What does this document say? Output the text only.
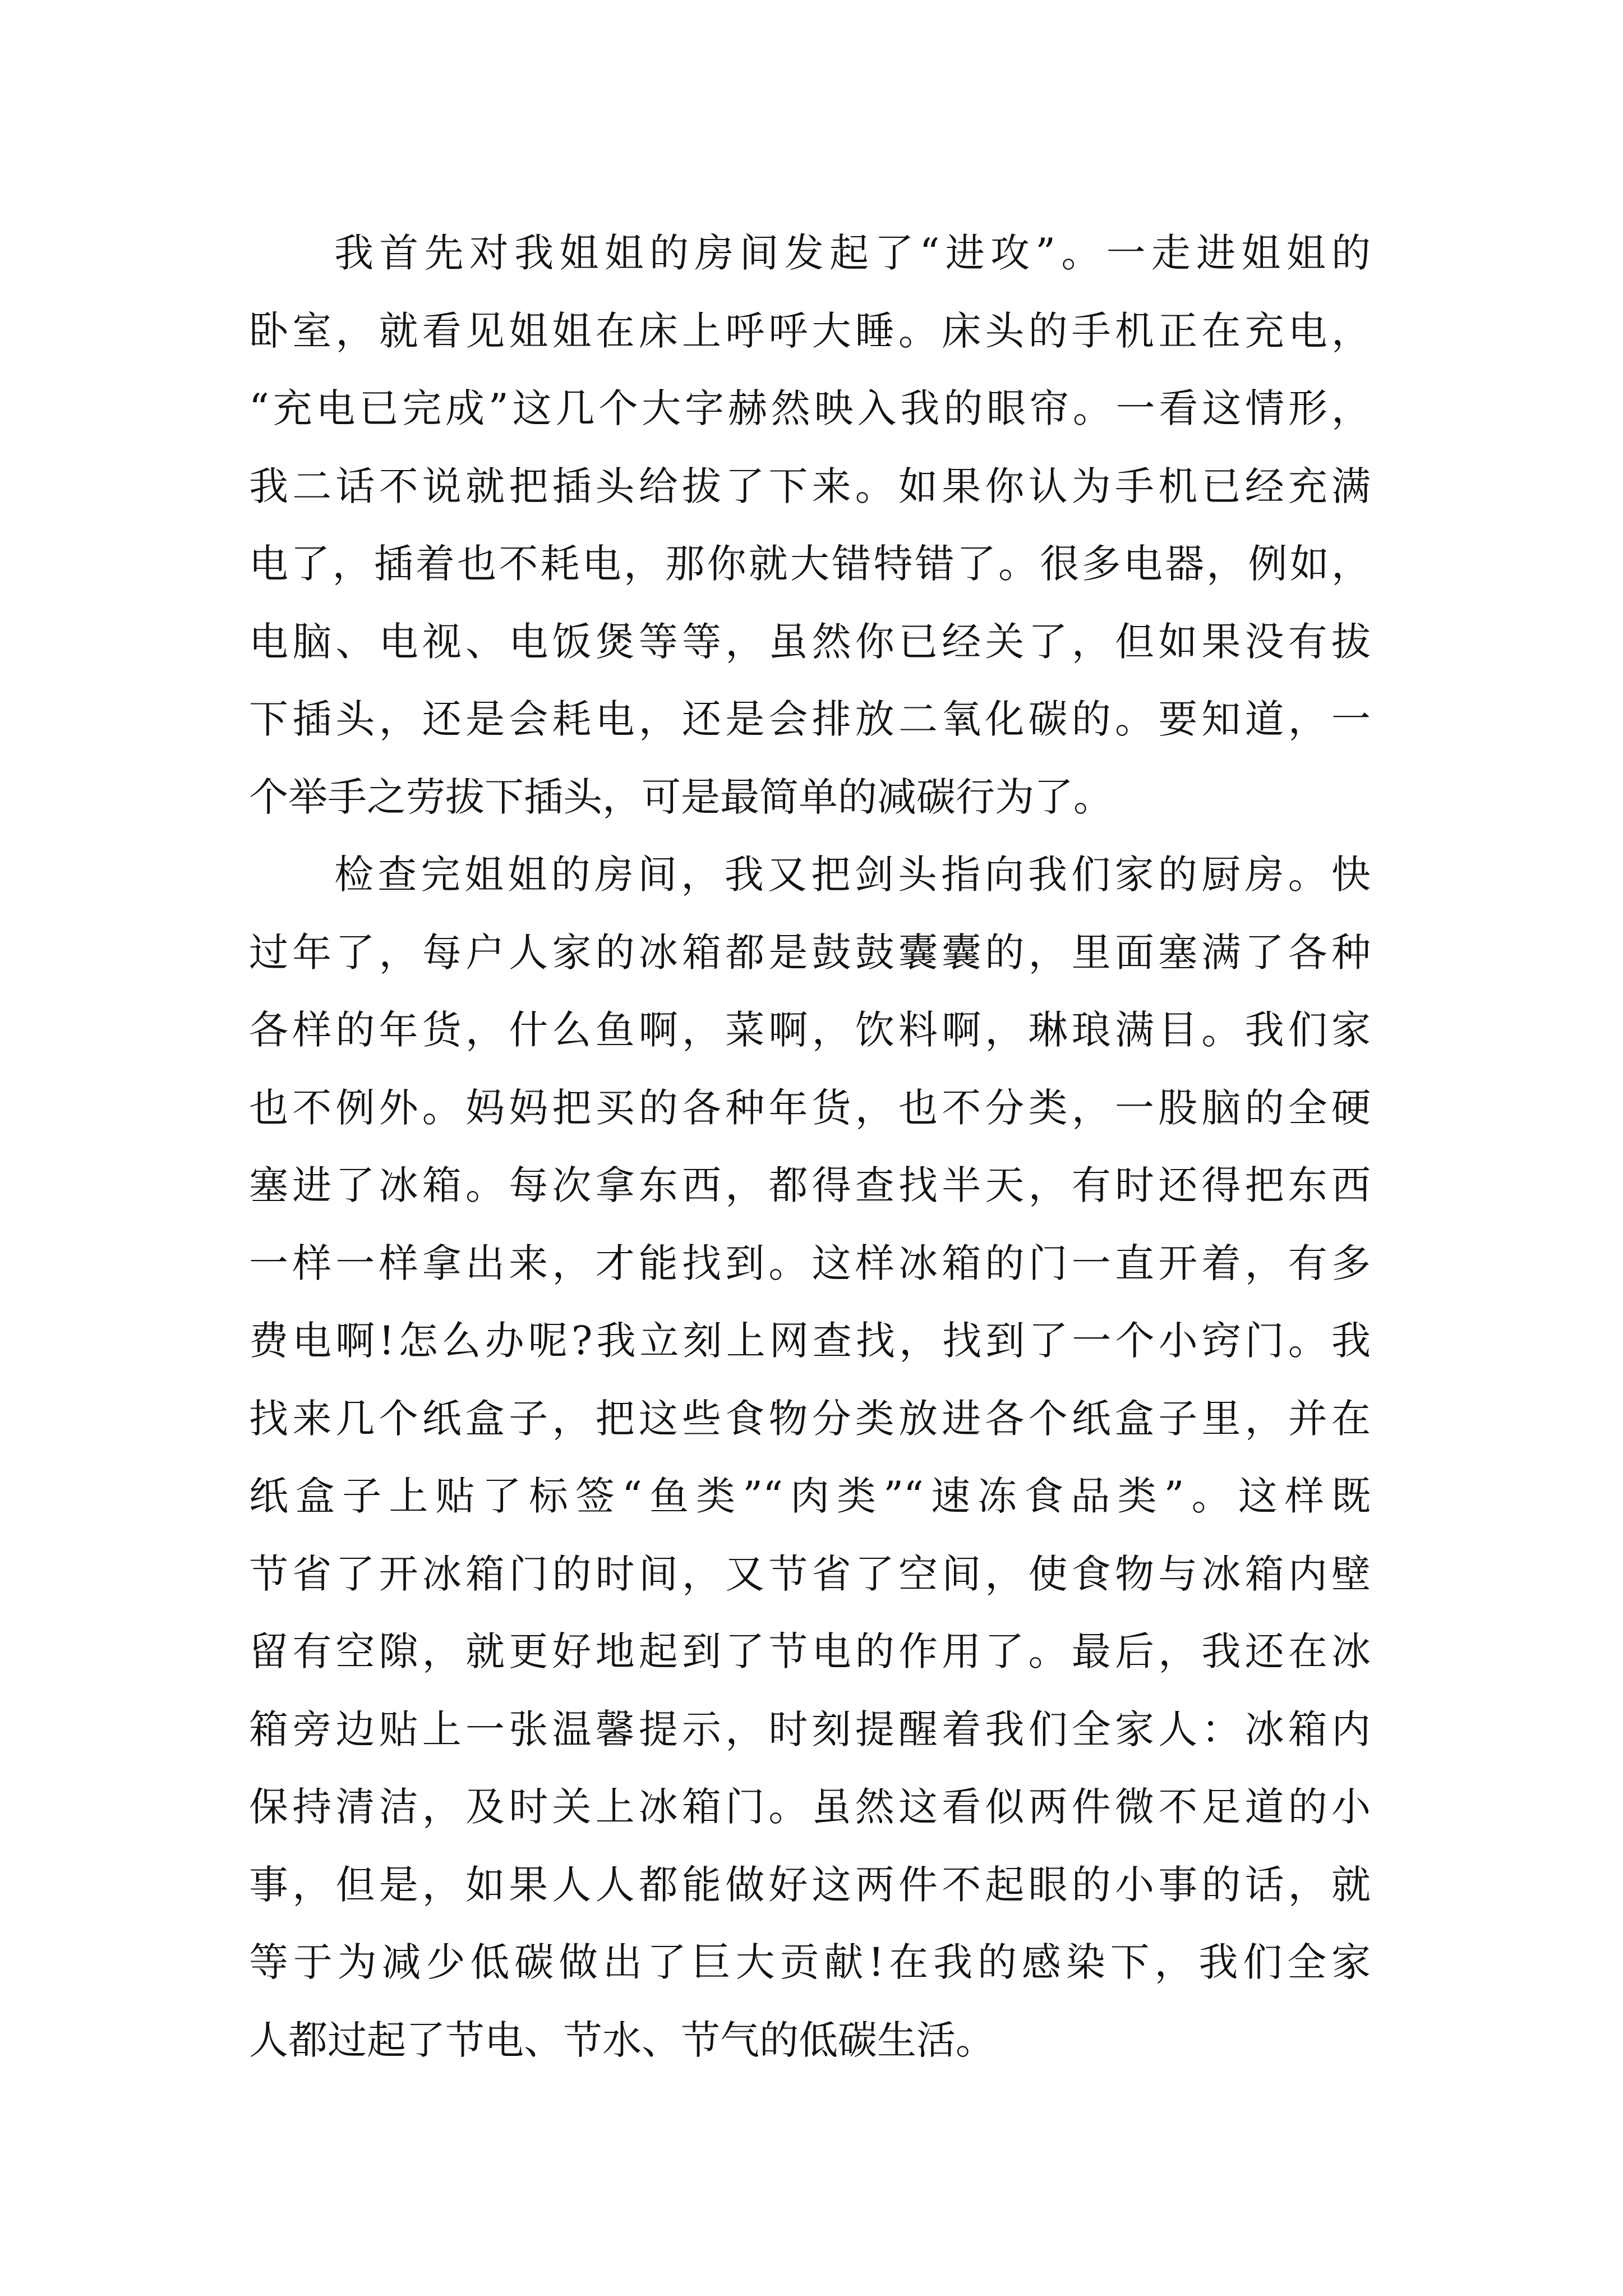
我首先对我姐姐的房间发起了“进攻”。一走进姐姐的
卧室，就看见姐姐在床上呼呼大睡。床头的手机正在充电，
“充电已完成”这几个大字赫然映入我的眼帘。一看这情形，
我二话不说就把插头给拔了下来。如果你认为手机已经充满
电了，插着也不耗电，那你就大错特错了。很多电器，例如，
电脑、电视、电饭煲等等，虽然你已经关了，但如果没有拔
下插头，还是会耗电，还是会排放二氧化碳的。要知道，一
个举手之劳拔下插头，可是最简单的减碳行为了。
检查完姐姐的房间，我又把剑头指向我们家的厨房。快
过年了，每户人家的冰箱都是鼓鼓囊囊的，里面塞满了各种
各样的年货，什么鱼啊，菜啊，饮料啊，琳琅满目。我们家
也不例外。妈妈把买的各种年货，也不分类，一股脑的全硬
塞进了冰箱。每次拿东西，都得查找半天，有时还得把东西
一样一样拿出来，才能找到。这样冰箱的门一直开着，有多
费电啊!怎么办呢?我立刻上网查找，找到了一个小窍门。我
找来几个纸盒子，把这些食物分类放进各个纸盒子里，并在
纸盒子上贴了标签“鱼类”“肉类”“速冻食品类”。这样既
节省了开冰箱门的时间，又节省了空间，使食物与冰箱内壁
留有空隙，就更好地起到了节电的作用了。最后，我还在冰
箱旁边贴上一张温馨提示，时刻提醒着我们全家人：冰箱内
保持清洁，及时关上冰箱门。虽然这看似两件微不足道的小
事，但是，如果人人都能做好这两件不起眼的小事的话，就
等于为减少低碳做出了巨大贡献!在我的感染下，我们全家
人都过起了节电、节水、节气的低碳生活。
